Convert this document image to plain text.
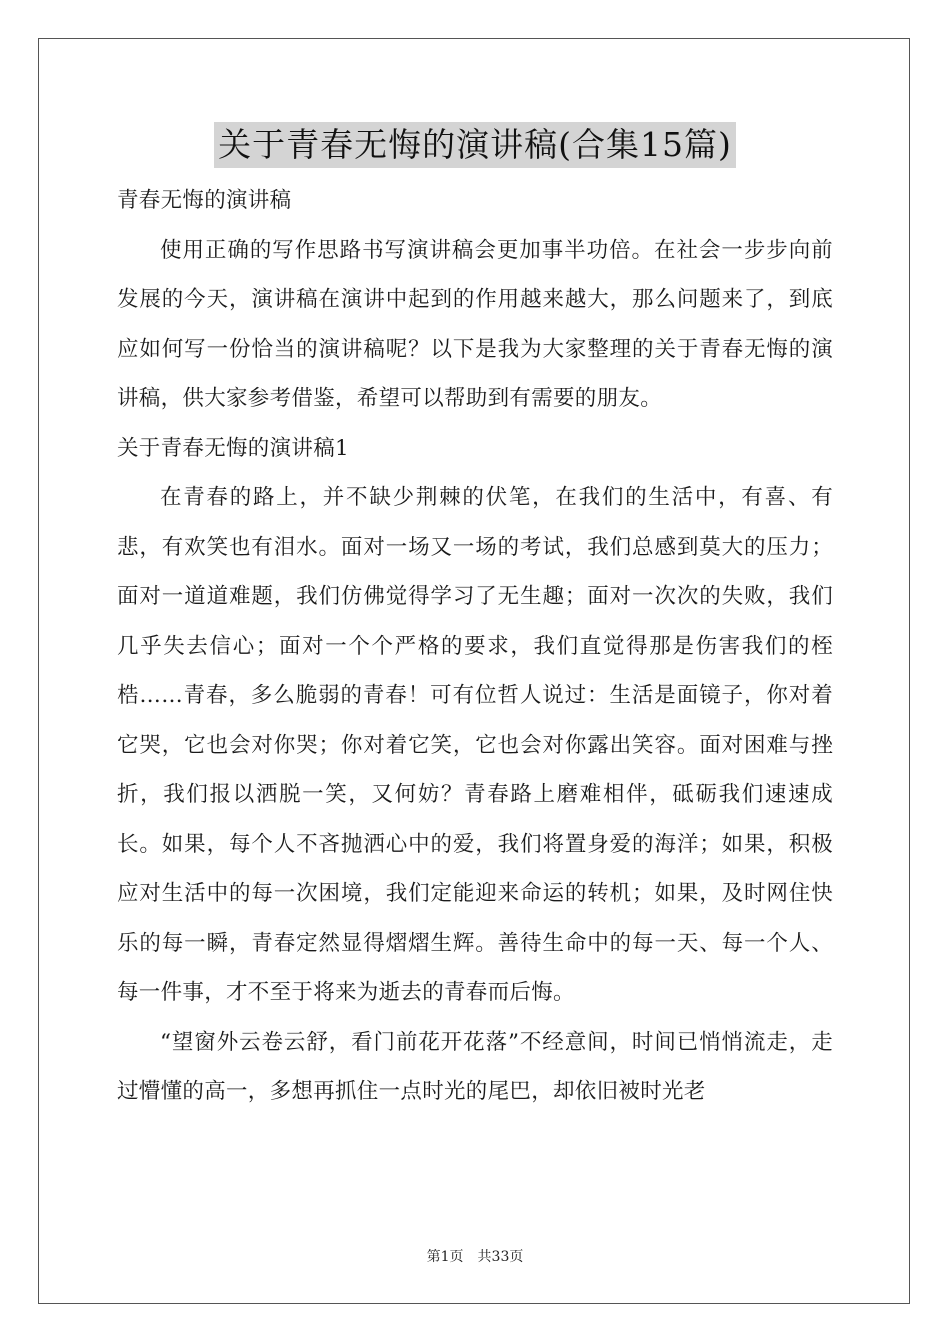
关于青春无悔的演讲稿(合集15篇)

青春无悔的演讲稿

使用正确的写作思路书写演讲稿会更加事半功倍。在社会一步步向前发展的今天，演讲稿在演讲中起到的作用越来越大，那么问题来了，到底应如何写一份恰当的演讲稿呢？以下是我为大家整理的关于青春无悔的演讲稿，供大家参考借鉴，希望可以帮助到有需要的朋友。

关于青春无悔的演讲稿1

在青春的路上，并不缺少荆棘的伏笔，在我们的生活中，有喜、有悲，有欢笑也有泪水。面对一场又一场的考试，我们总感到莫大的压力；面对一道道难题，我们仿佛觉得学习了无生趣；面对一次次的失败，我们几乎失去信心；面对一个个严格的要求，我们直觉得那是伤害我们的桎梏……青春，多么脆弱的青春！可有位哲人说过：生活是面镜子，你对着它哭，它也会对你哭；你对着它笑，它也会对你露出笑容。面对困难与挫折，我们报以洒脱一笑，又何妨？青春路上磨难相伴，砥砺我们速速成长。如果，每个人不吝抛洒心中的爱，我们将置身爱的海洋；如果，积极应对生活中的每一次困境，我们定能迎来命运的转机；如果，及时网住快乐的每一瞬，青春定然显得熠熠生辉。善待生命中的每一天、每一个人、每一件事，才不至于将来为逝去的青春而后悔。

“望窗外云卷云舒，看门前花开花落”不经意间，时间已悄悄流走，走过懵懂的高一，多想再抓住一点时光的尾巴，却依旧被时光老

第1页 共33页
